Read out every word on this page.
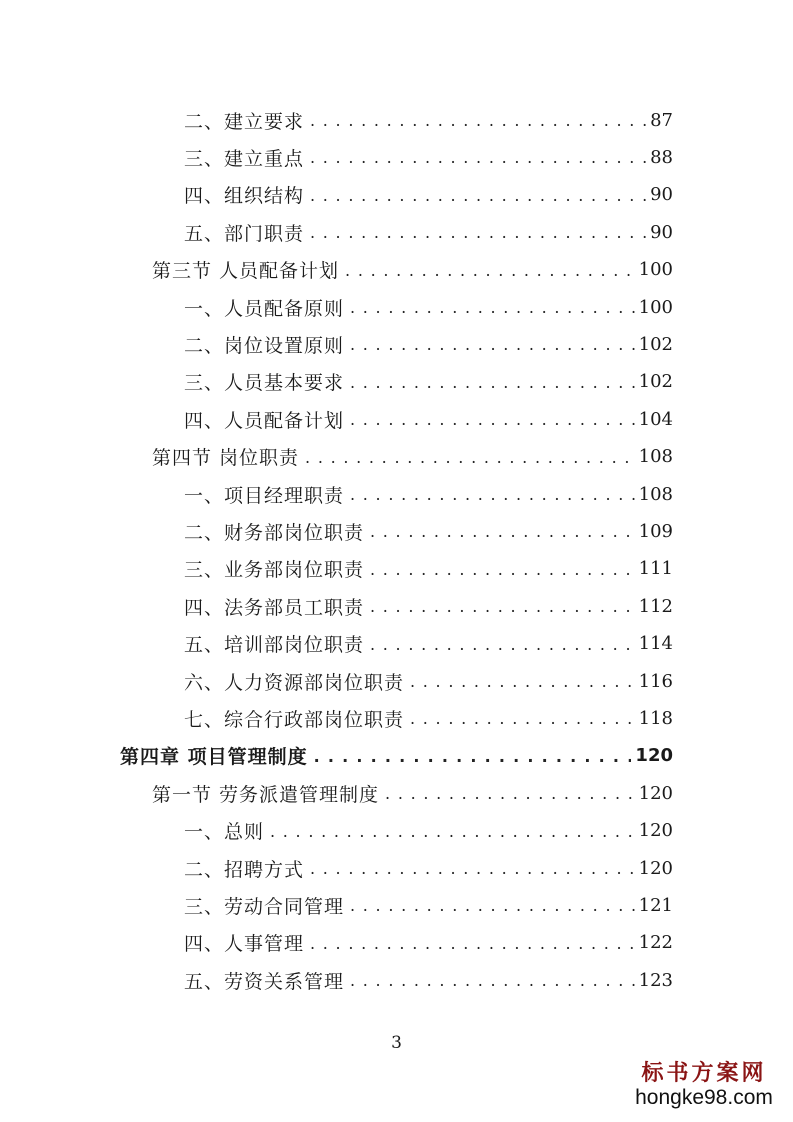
二、建立要求 . . .	87
三、建立重点 . . .	88
四、组织结构 . . .	90
五、部门职责 . . .	90
第三节 人员配备计划 . . .	100
一、人员配备原则 . . .	100
二、岗位设置原则 . . .	102
三、人员基本要求 . . .	102
四、人员配备计划 . . .	104
第四节 岗位职责 . . .	108
一、项目经理职责 . . .	108
二、财务部岗位职责 . . .	109
三、业务部岗位职责 . . .	111
四、法务部员工职责 . . .	112
五、培训部岗位职责 . . .	114
六、人力资源部岗位职责 . . .	116
七、综合行政部岗位职责 . . .	118
第四章 项目管理制度 . . .	120
第一节 劳务派遣管理制度 . . .	120
一、总则 . . .	120
二、招聘方式 . . .	120
三、劳动合同管理 . . .	121
四、人事管理 . . .	122
五、劳资关系管理 . . .	123
3
标书方案网
hongke98.com
